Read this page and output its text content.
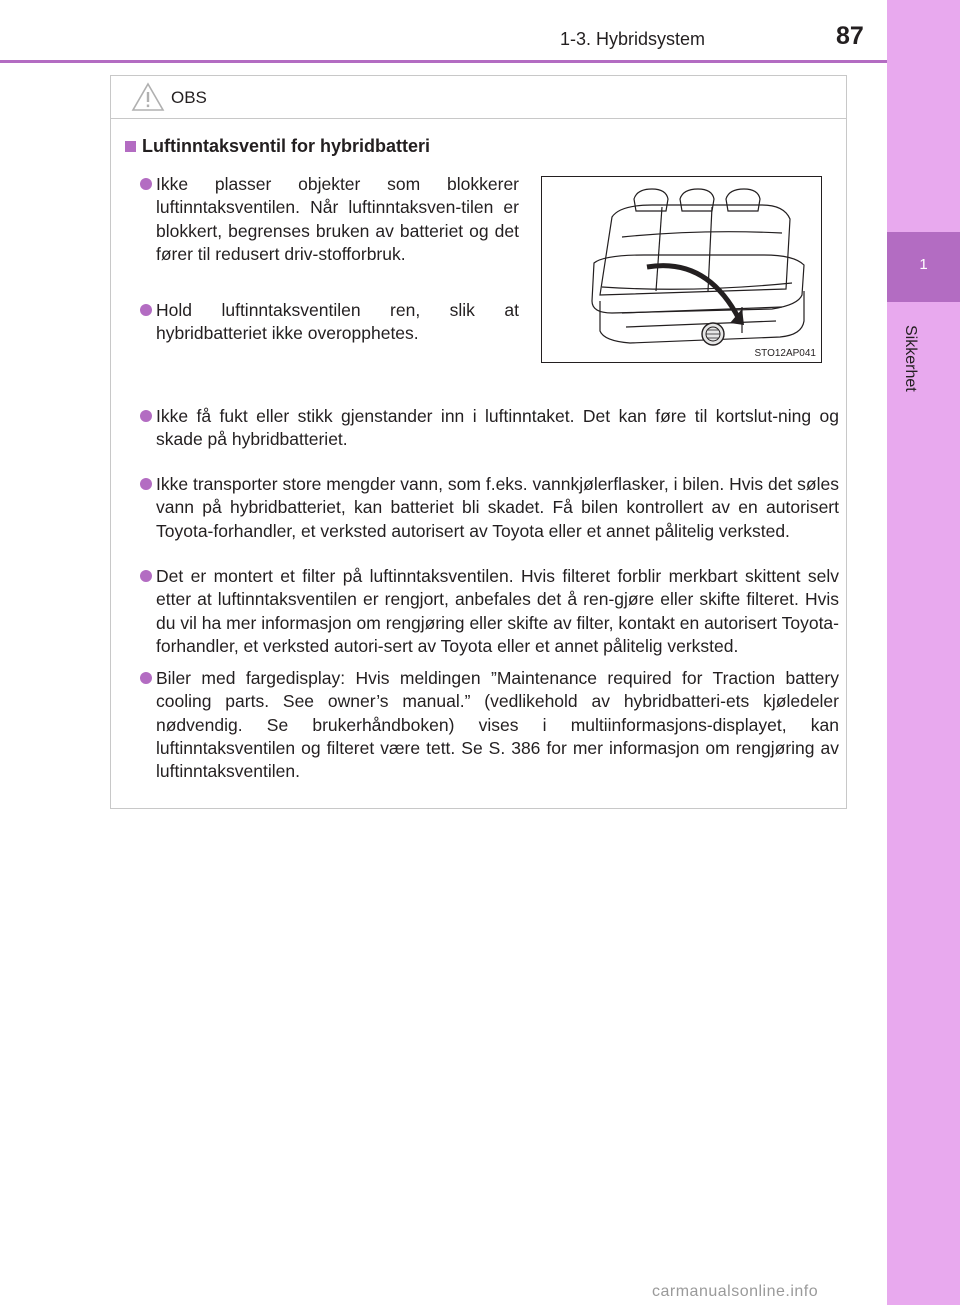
1
Sikkerhet
1-3. Hybridsystem	87
OBS
Luftinntaksventil for hybridbatteri
Ikke plasser objekter som blokkerer luftinntaksventilen. Når luftinntaksven-tilen er blokkert, begrenses bruken av batteriet og det fører til redusert driv-stofforbruk.
Hold luftinntaksventilen ren, slik at hybridbatteriet ikke overopphetes.
STO12AP041
Ikke få fukt eller stikk gjenstander inn i luftinntaket. Det kan føre til kortslut-ning og skade på hybridbatteriet.
Ikke transporter store mengder vann, som f.eks. vannkjølerflasker, i bilen. Hvis det søles vann på hybridbatteriet, kan batteriet bli skadet. Få bilen kontrollert av en autorisert Toyota-forhandler, et verksted autorisert av Toyota eller et annet pålitelig verksted.
Det er montert et filter på luftinntaksventilen. Hvis filteret forblir merkbart skittent selv etter at luftinntaksventilen er rengjort, anbefales det å ren-gjøre eller skifte filteret. Hvis du vil ha mer informasjon om rengjøring eller skifte av filter, kontakt en autorisert Toyota-forhandler, et verksted autori-sert av Toyota eller et annet pålitelig verksted.
Biler med fargedisplay: Hvis meldingen ”Maintenance required for Traction battery cooling parts. See owner’s manual.” (vedlikehold av hybridbatteri-ets kjøledeler nødvendig. Se brukerhåndboken) vises i multiinformasjons-displayet, kan luftinntaksventilen og filteret være tett. Se S. 386 for mer informasjon om rengjøring av luftinntaksventilen.
carmanualsonline.info
